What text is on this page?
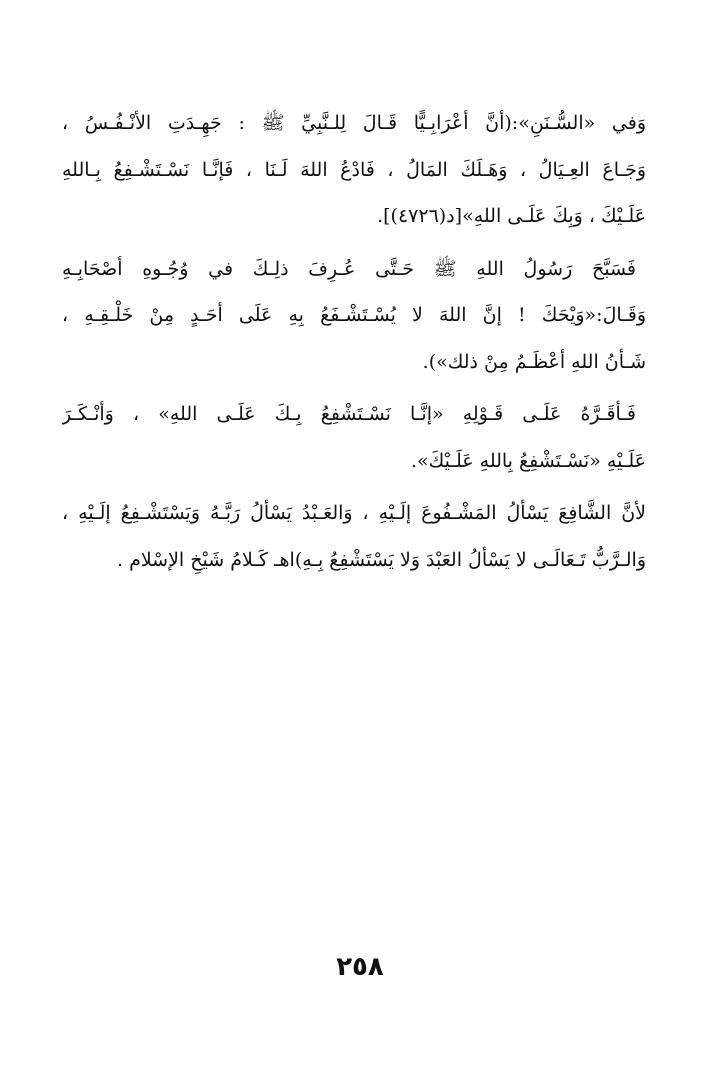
وَفي «السُّـنَنِ»:(أنَّ أعْرَابِـيًّا قَـالَ لِلـنَّبِيِّ ﷺ : جَهِـدَتِ الأنْـفُـسُ ،
وَجَـاعَ العِـيَالُ ، وَهَـلَكَ المَالُ ، فَادْعُ اللهَ لَـنَا ، فَإنَّـا نَسْـتَشْـفِعُ بِـاللهِ
عَلَـيْكَ ، وَبِكَ عَلَـى اللهِ»[د(٤٧٢٦)].
فَسَبَّحَ رَسُولُ اللهِ ﷺ حَـتَّى عُـرِفَ ذلِـكَ في وُجُـوهِ أصْحَابِـهِ
وَقَـالَ:«وَيْحَكَ ! إنَّ اللهَ لا يُسْـتَشْـفَعُ بِهِ عَلَى أحَـدٍ مِنْ خَلْـقِـهِ ،
شَـأنُ اللهِ أعْظَـمُ مِنْ ذلك»).
فَـأقَـرَّهُ عَلَـى قَـوْلِهِ «إنَّـا نَسْـتَشْفِعُ بِـكَ عَلَـى اللهِ» ، وَأنْـكَـرَ
عَلَـيْهِ «نَسْـتَشْفِعُ بِاللهِ عَلَـيْكَ».
لأنَّ الشَّافِعَ يَسْألُ المَشْـفُوعَ إلَـيْهِ ، وَالعَـبْدُ يَسْألُ رَبَّـهُ وَيَسْتَشْـفِعُ إلَـيْهِ ،
وَالـرَّبُّ تَـعَالَـى لا يَسْألُ العَبْدَ وَلا يَسْتَشْفِعُ بِـهِ)اهـ كَـلامُ شَيْخِ الإسْلام .
٢٥٨
